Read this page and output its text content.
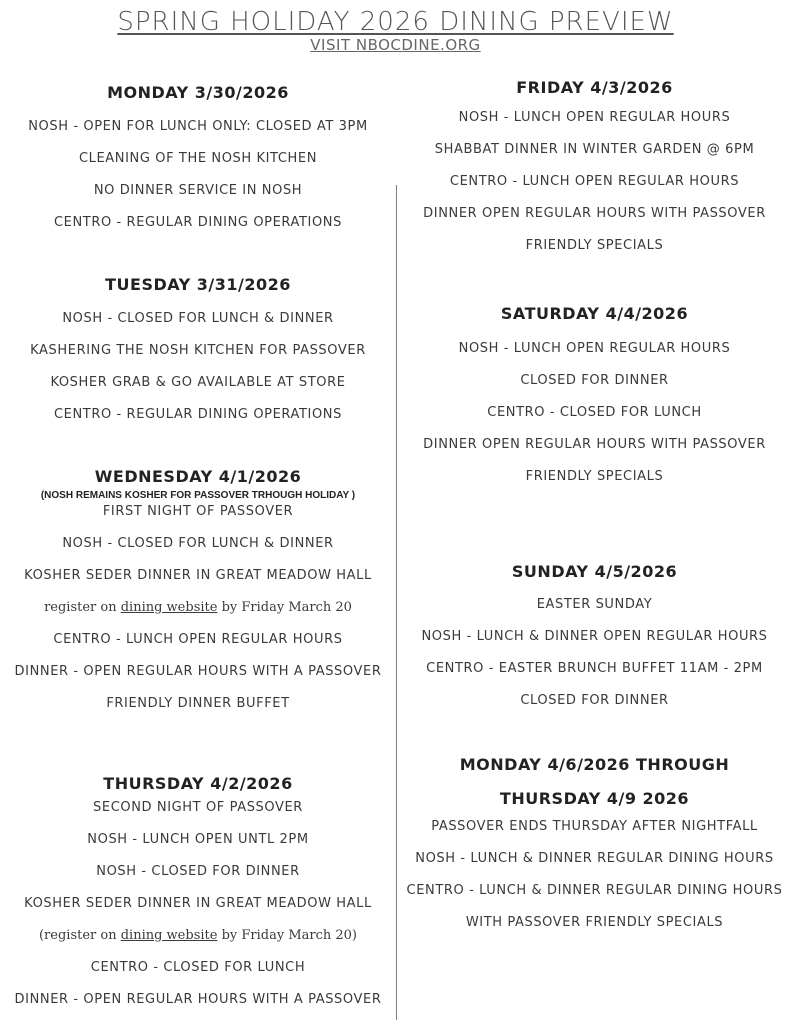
SPRING HOLIDAY 2026 DINING PREVIEW
VISIT NBOCDINE.ORG
MONDAY 3/30/2026
NOSH - OPEN FOR LUNCH ONLY: CLOSED AT 3PM
CLEANING OF THE NOSH KITCHEN
NO DINNER SERVICE IN NOSH
CENTRO - REGULAR DINING OPERATIONS
TUESDAY 3/31/2026
NOSH - CLOSED FOR LUNCH & DINNER
KASHERING THE NOSH KITCHEN FOR PASSOVER
KOSHER GRAB & GO AVAILABLE AT STORE
CENTRO - REGULAR DINING OPERATIONS
WEDNESDAY 4/1/2026
(NOSH REMAINS KOSHER FOR PASSOVER TRHOUGH HOLIDAY )
FIRST NIGHT OF PASSOVER
NOSH - CLOSED FOR LUNCH & DINNER
KOSHER SEDER DINNER IN GREAT MEADOW HALL
register on dining website by Friday March 20
CENTRO - LUNCH OPEN REGULAR HOURS
DINNER - OPEN REGULAR HOURS WITH A PASSOVER
FRIENDLY DINNER BUFFET
THURSDAY 4/2/2026
SECOND NIGHT OF PASSOVER
NOSH - LUNCH OPEN UNTL 2PM
NOSH - CLOSED FOR DINNER
KOSHER SEDER DINNER IN GREAT MEADOW HALL
(register on dining website by Friday March 20)
CENTRO - CLOSED FOR LUNCH
DINNER - OPEN REGULAR HOURS WITH A PASSOVER
FRIDAY 4/3/2026
NOSH - LUNCH OPEN REGULAR HOURS
SHABBAT DINNER IN WINTER GARDEN @ 6PM
CENTRO - LUNCH OPEN REGULAR HOURS
DINNER OPEN REGULAR HOURS WITH PASSOVER
FRIENDLY SPECIALS
SATURDAY 4/4/2026
NOSH - LUNCH OPEN REGULAR HOURS
CLOSED FOR DINNER
CENTRO - CLOSED FOR LUNCH
DINNER OPEN REGULAR HOURS WITH PASSOVER
FRIENDLY SPECIALS
SUNDAY 4/5/2026
EASTER SUNDAY
NOSH - LUNCH & DINNER OPEN REGULAR HOURS
CENTRO - EASTER BRUNCH BUFFET 11AM - 2PM
CLOSED FOR DINNER
MONDAY 4/6/2026 THROUGH
THURSDAY 4/9 2026
PASSOVER ENDS THURSDAY AFTER NIGHTFALL
NOSH - LUNCH & DINNER REGULAR DINING HOURS
CENTRO - LUNCH & DINNER REGULAR DINING HOURS
WITH PASSOVER FRIENDLY SPECIALS
